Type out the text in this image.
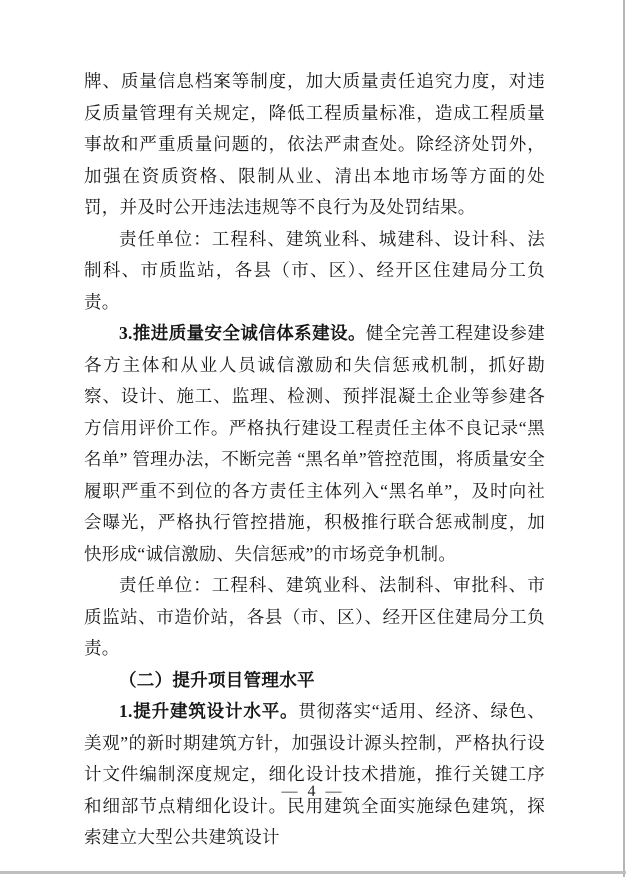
牌、质量信息档案等制度，加大质量责任追究力度，对违反质量管理有关规定，降低工程质量标准，造成工程质量事故和严重质量问题的，依法严肃查处。除经济处罚外，加强在资质资格、限制从业、清出本地市场等方面的处罚，并及时公开违法违规等不良行为及处罚结果。

责任单位：工程科、建筑业科、城建科、设计科、法制科、市质监站，各县（市、区）、经开区住建局分工负责。

3.推进质量安全诚信体系建设。健全完善工程建设参建各方主体和从业人员诚信激励和失信惩戒机制，抓好勘察、设计、施工、监理、检测、预拌混凝土企业等参建各方信用评价工作。严格执行建设工程责任主体不良记录“黑名单” 管理办法，不断完善 “黑名单”管控范围，将质量安全履职严重不到位的各方责任主体列入“黑名单”，及时向社会曝光，严格执行管控措施，积极推行联合惩戒制度，加快形成“诚信激励、失信惩戒”的市场竞争机制。

责任单位：工程科、建筑业科、法制科、审批科、市质监站、市造价站，各县（市、区）、经开区住建局分工负责。

（二）提升项目管理水平

1.提升建筑设计水平。贯彻落实“适用、经济、绿色、美观”的新时期建筑方针，加强设计源头控制，严格执行设计文件编制深度规定，细化设计技术措施，推行关键工序和细部节点精细化设计。民用建筑全面实施绿色建筑，探索建立大型公共建筑设计

— 4 —
